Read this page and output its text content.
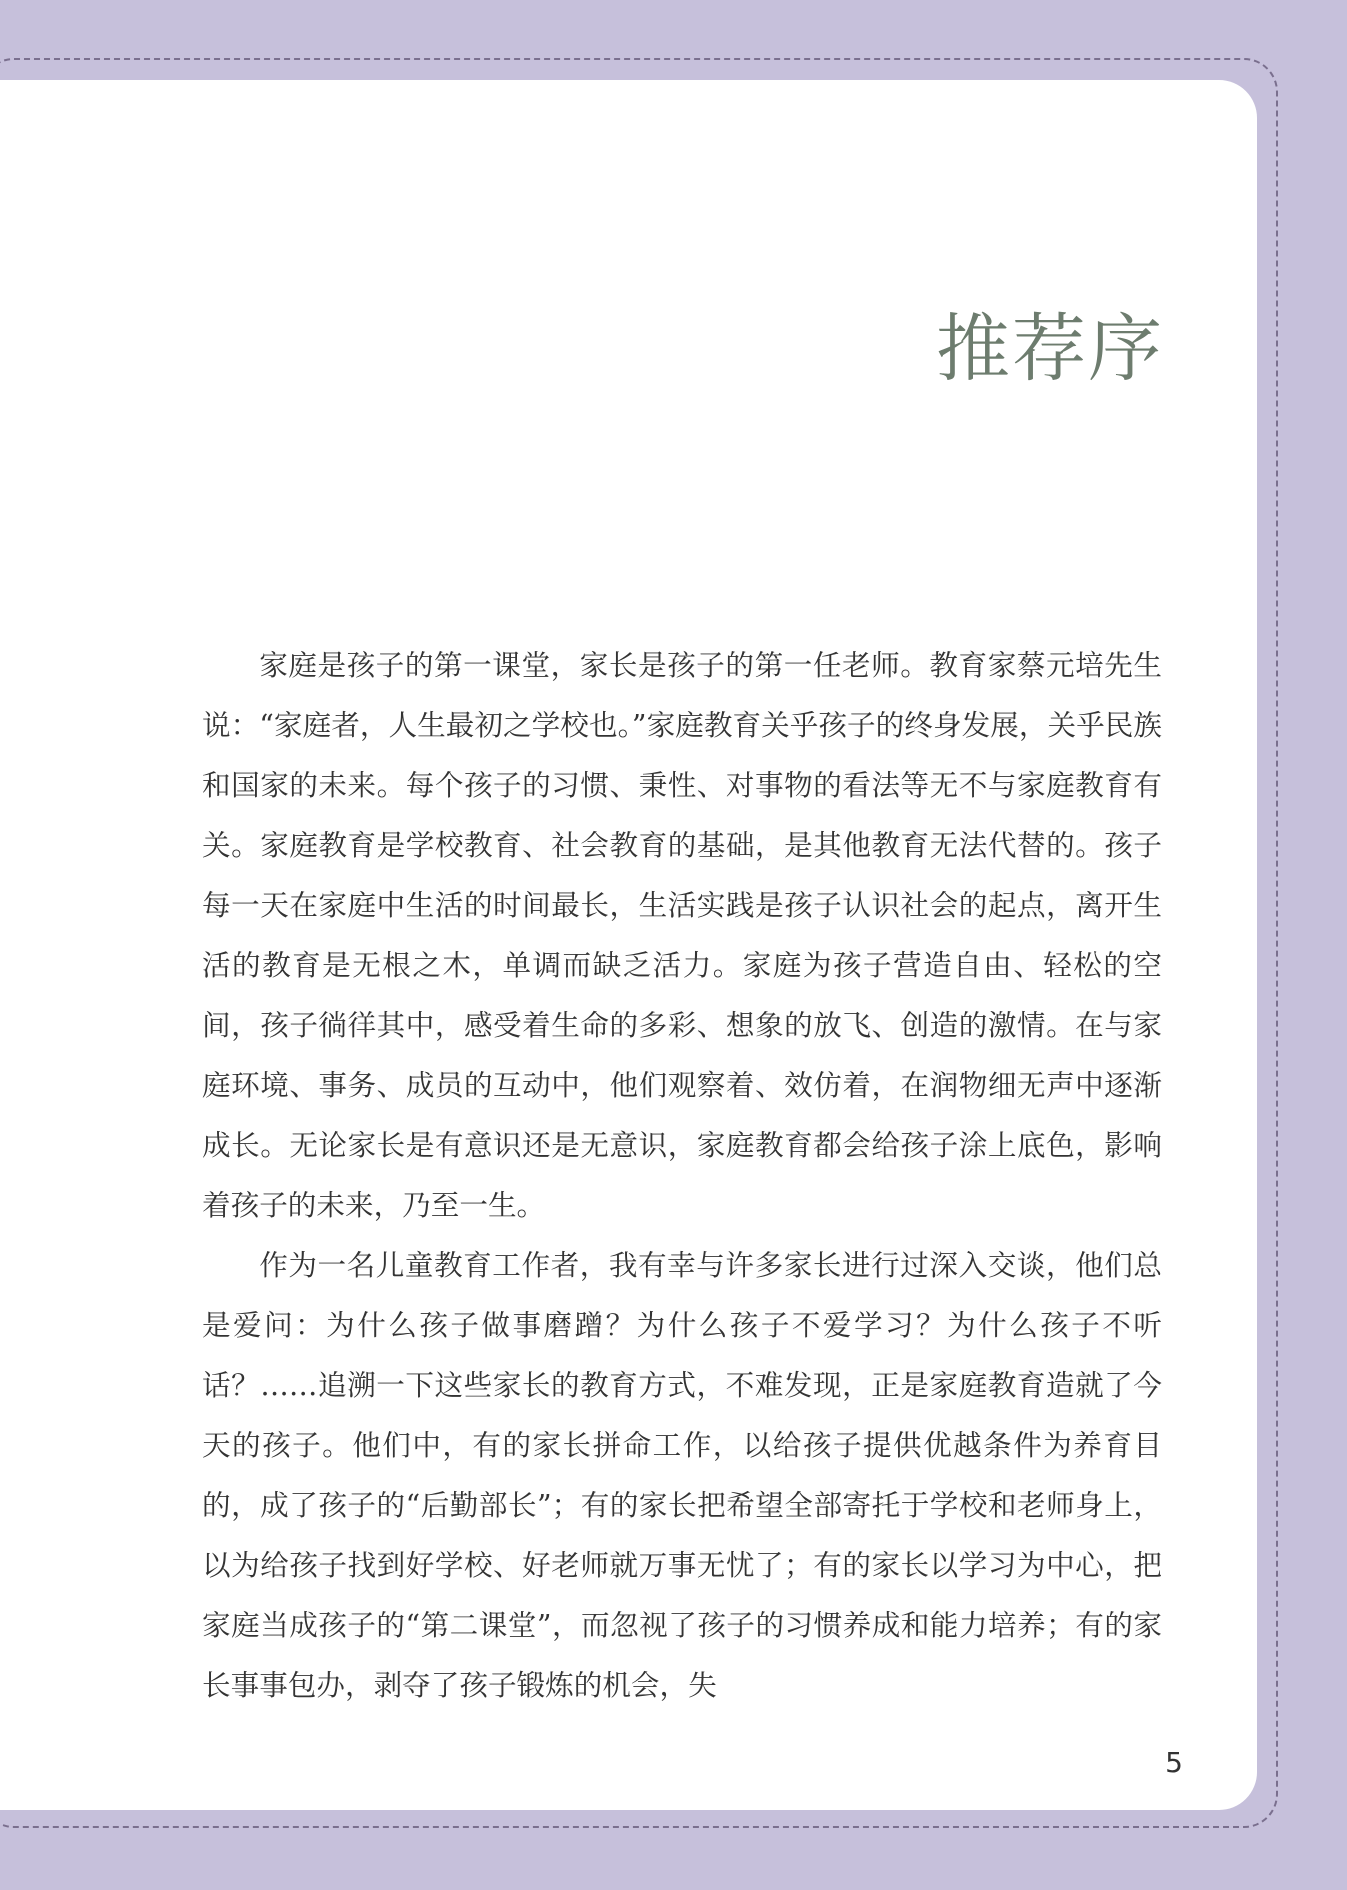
推荐序

家庭是孩子的第一课堂，家长是孩子的第一任老师。教育家蔡元培先生说：“家庭者，人生最初之学校也。”家庭教育关乎孩子的终身发展，关乎民族和国家的未来。每个孩子的习惯、秉性、对事物的看法等无不与家庭教育有关。家庭教育是学校教育、社会教育的基础，是其他教育无法代替的。孩子每一天在家庭中生活的时间最长，生活实践是孩子认识社会的起点，离开生活的教育是无根之木，单调而缺乏活力。家庭为孩子营造自由、轻松的空间，孩子徜徉其中，感受着生命的多彩、想象的放飞、创造的激情。在与家庭环境、事务、成员的互动中，他们观察着、效仿着，在润物细无声中逐渐成长。无论家长是有意识还是无意识，家庭教育都会给孩子涂上底色，影响着孩子的未来，乃至一生。

作为一名儿童教育工作者，我有幸与许多家长进行过深入交谈，他们总是爱问：为什么孩子做事磨蹭？为什么孩子不爱学习？为什么孩子不听话？……追溯一下这些家长的教育方式，不难发现，正是家庭教育造就了今天的孩子。他们中，有的家长拼命工作，以给孩子提供优越条件为养育目的，成了孩子的“后勤部长”；有的家长把希望全部寄托于学校和老师身上，以为给孩子找到好学校、好老师就万事无忧了；有的家长以学习为中心，把家庭当成孩子的“第二课堂”，而忽视了孩子的习惯养成和能力培养；有的家长事事包办，剥夺了孩子锻炼的机会，失

5
